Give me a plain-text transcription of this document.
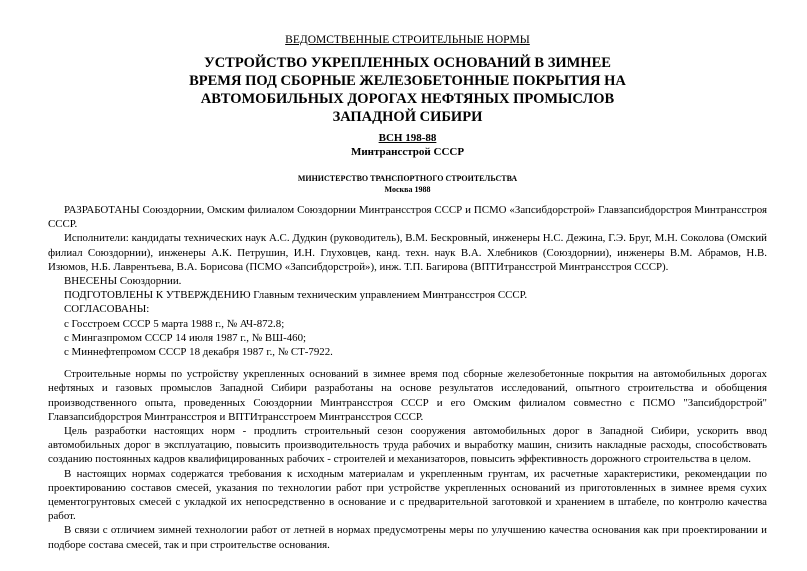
ВЕДОМСТВЕННЫЕ СТРОИТЕЛЬНЫЕ НОРМЫ

УСТРОЙСТВО УКРЕПЛЕННЫХ ОСНОВАНИЙ В ЗИМНЕЕ
ВРЕМЯ ПОД СБОРНЫЕ ЖЕЛЕЗОБЕТОННЫЕ ПОКРЫТИЯ НА
АВТОМОБИЛЬНЫХ ДОРОГАХ НЕФТЯНЫХ ПРОМЫСЛОВ
ЗАПАДНОЙ СИБИРИ
ВСН 198-88
Минтрансстрой СССР
МИНИСТЕРСТВО ТРАНСПОРТНОГО СТРОИТЕЛЬСТВА
Москва 1988

РАЗРАБОТАНЫ Союздорнии, Омским филиалом Союздорнии Минтрансстроя СССР и ПСМО «Запсибдорстрой» Главзапсибдорстроя Минтрансстроя СССР.

Исполнители: кандидаты технических наук А.С. Дудкин (руководитель), В.М. Бескровный, инженеры Н.С. Дежина, Г.Э. Бруг, М.Н. Соколова (Омский филиал Союздорнии), инженеры А.К. Петрушин, И.Н. Глуховцев, канд. техн. наук В.А. Хлебников (Союздорнии), инженеры В.М. Абрамов, Н.В. Изюмов, Н.Б. Лаврентьева, В.А. Борисова (ПСМО «Запсибдорстрой»), инж. Т.П. Багирова (ВПТИтрансстрой Минтрансстроя СССР).

ВНЕСЕНЫ Союздорнии.

ПОДГОТОВЛЕНЫ К УТВЕРЖДЕНИЮ Главным техническим управлением Минтрансстроя СССР.

СОГЛАСОВАНЫ:

с Госстроем СССР 5 марта 1988 г., № АЧ-872.8;

с Мингазпромом СССР 14 июля 1987 г., № ВШ-460;

с Миннефтепромом СССР 18 декабря 1987 г., № СТ-7922.

Строительные нормы по устройству укрепленных оснований в зимнее время под сборные железобетонные покрытия на автомобильных дорогах нефтяных и газовых промыслов Западной Сибири разработаны на основе результатов исследований, опытного строительства и обобщения производственного опыта, проведенных Союздорнии Минтрансстроя СССР и его Омским филиалом совместно с ПСМО "Запсибдорстрой" Главзапсибдорстроя Минтрансстроя и ВПТИтрансстроем Минтрансстроя СССР.

Цель разработки настоящих норм - продлить строительный сезон сооружения автомобильных дорог в Западной Сибири, ускорить ввод автомобильных дорог в эксплуатацию, повысить производительность труда рабочих и выработку машин, снизить накладные расходы, способствовать созданию постоянных кадров квалифицированных рабочих - строителей и механизаторов, повысить эффективность дорожного строительства в целом.

В настоящих нормах содержатся требования к исходным материалам и укрепленным грунтам, их расчетные характеристики, рекомендации по проектированию составов смесей, указания по технологии работ при устройстве укрепленных оснований из приготовленных в зимнее время сухих цементогрунтовых смесей с укладкой их непосредственно в основание и с предварительной заготовкой и хранением в штабеле, по контролю качества работ.

В связи с отличием зимней технологии работ от летней в нормах предусмотрены меры по улучшению качества основания как при проектировании и подборе состава смесей, так и при строительстве основания.
